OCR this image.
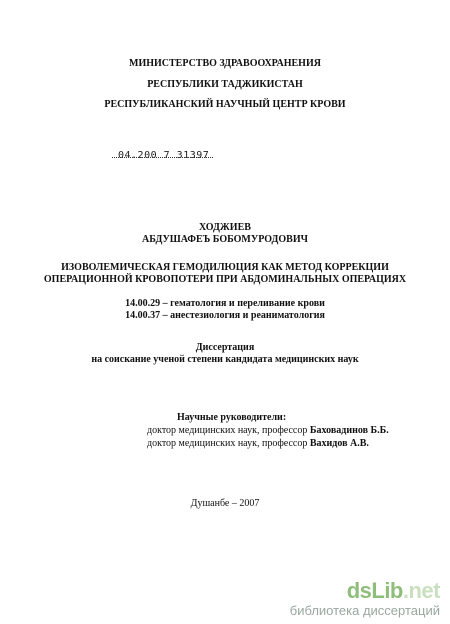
МИНИСТЕРСТВО ЗДРАВООХРАНЕНИЯ
РЕСПУБЛИКИ ТАДЖИКИСТАН
РЕСПУБЛИКАНСКИЙ НАУЧНЫЙ ЦЕНТР КРОВИ
04.200 7 31397
ХОДЖИЕВ
АБДУШАФЕЪ БОБОМУРОДОВИЧ
ИЗОВОЛЕМИЧЕСКАЯ ГЕМОДИЛЮЦИЯ КАК МЕТОД КОРРЕКЦИИ
ОПЕРАЦИОННОЙ КРОВОПОТЕРИ ПРИ АБДОМИНАЛЬНЫХ ОПЕРАЦИЯХ
14.00.29 – гематология и переливание крови
14.00.37 – анестезиология и реаниматология
Диссертация
на соискание ученой степени кандидата медицинских наук
Научные руководители:
доктор медицинских наук, профессор Баховадинов Б.Б.
доктор медицинских наук, профессор Вахидов А.В.
Душанбе – 2007
dsLib.net
библиотека диссертаций
